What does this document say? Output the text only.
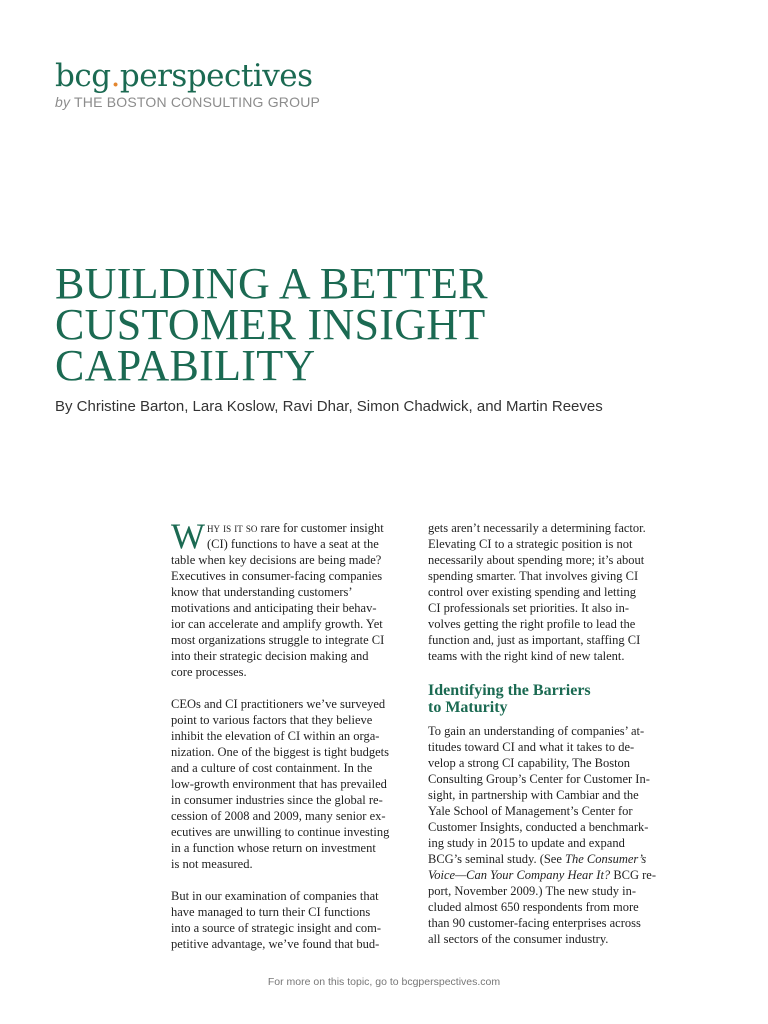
bcg.perspectives
by THE BOSTON CONSULTING GROUP
BUILDING A BETTER
CUSTOMER INSIGHT
CAPABILITY
By Christine Barton, Lara Koslow, Ravi Dhar, Simon Chadwick, and Martin Reeves

W hy is it so rare for customer insight
(CI) functions to have a seat at the
table when key decisions are being made?
Executives in consumer-facing companies
know that understanding customers’
motivations and anticipating their behav-
ior can accelerate and amplify growth. Yet
most organizations struggle to integrate CI
into their strategic decision making and
core processes.

CEOs and CI practitioners we’ve surveyed
point to various factors that they believe
inhibit the elevation of CI within an orga-
nization. One of the biggest is tight budgets
and a culture of cost containment. In the
low-growth environment that has prevailed
in consumer industries since the global re-
cession of 2008 and 2009, many senior ex-
ecutives are unwilling to continue investing
in a function whose return on investment
is not measured.

But in our examination of companies that
have managed to turn their CI functions
into a source of strategic insight and com-
petitive advantage, we’ve found that bud-

gets aren’t necessarily a determining factor.
Elevating CI to a strategic position is not
necessarily about spending more; it’s about
spending smarter. That involves giving CI
control over existing spending and letting
CI professionals set priorities. It also in-
volves getting the right profile to lead the
function and, just as important, staffing CI
teams with the right kind of new talent.

Identifying the Barriers
to Maturity

To gain an understanding of companies’ at-
titudes toward CI and what it takes to de-
velop a strong CI capability, The Boston
Consulting Group’s Center for Customer In-
sight, in partnership with Cambiar and the
Yale School of Management’s Center for
Customer Insights, conducted a benchmark-
ing study in 2015 to update and expand
BCG’s seminal study. (See The Consumer’s
Voice—Can Your Company Hear It? BCG re-
port, November 2009.) The new study in-
cluded almost 650 respondents from more
than 90 customer-facing enterprises across
all sectors of the consumer industry.

For more on this topic, go to bcgperspectives.com
